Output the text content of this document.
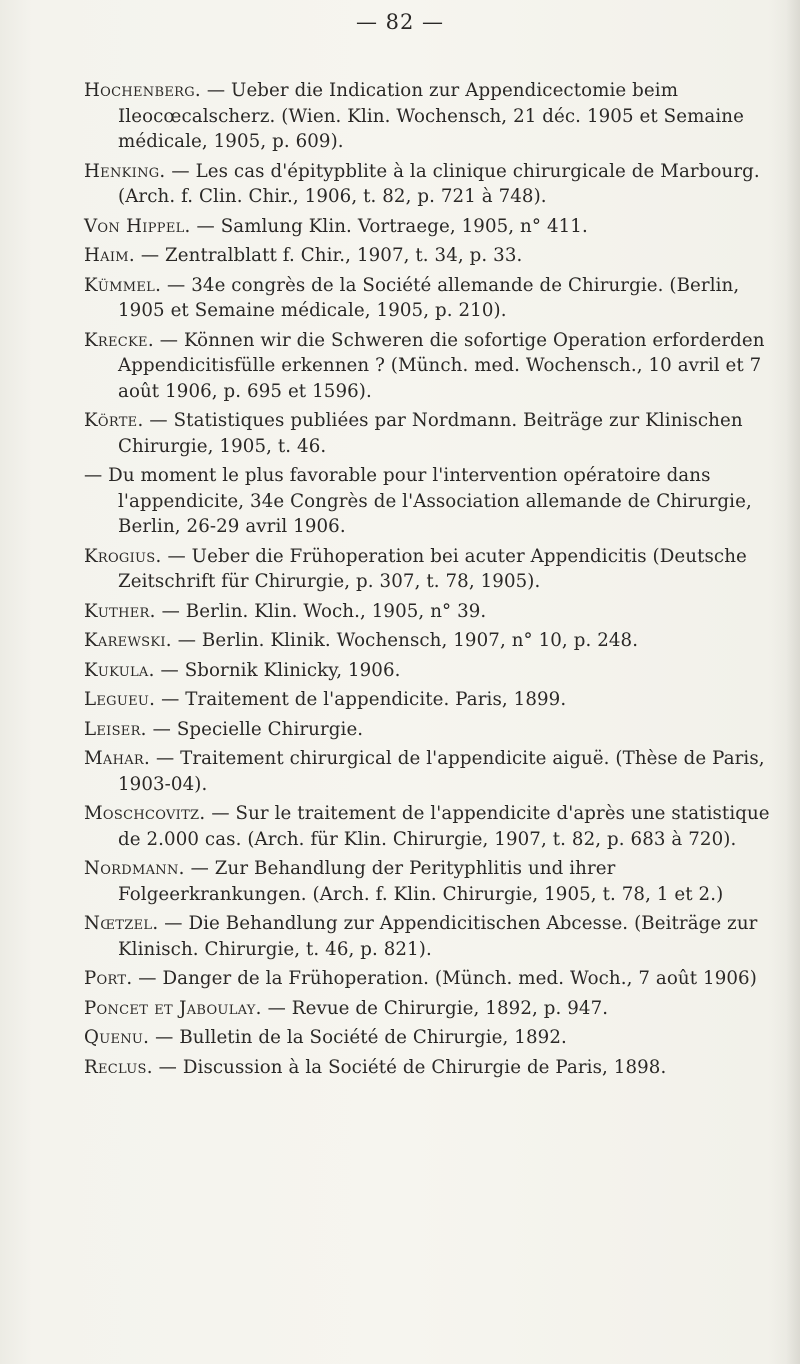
— 82 —

Hochenberg. — Ueber die Indication zur Appendicectomie beim Ileocœcalscherz. (Wien. Klin. Wochensch, 21 déc. 1905 et Semaine médicale, 1905, p. 609).

Henking. — Les cas d'épitypblite à la clinique chirurgicale de Marbourg. (Arch. f. Clin. Chir., 1906, t. 82, p. 721 à 748).

Von Hippel. — Samlung Klin. Vortraege, 1905, n° 411.

Haim. — Zentralblatt f. Chir., 1907, t. 34, p. 33.

Kümmel. — 34e congrès de la Société allemande de Chirurgie. (Berlin, 1905 et Semaine médicale, 1905, p. 210).

Krecke. — Können wir die Schweren die sofortige Operation erforderden Appendicitisfülle erkennen ? (Münch. med. Wochensch., 10 avril et 7 août 1906, p. 695 et 1596).

Körte. — Statistiques publiées par Nordmann. Beiträge zur Klinischen Chirurgie, 1905, t. 46.

— Du moment le plus favorable pour l'intervention opératoire dans l'appendicite, 34e Congrès de l'Association allemande de Chirurgie, Berlin, 26-29 avril 1906.

Krogius. — Ueber die Frühoperation bei acuter Appendicitis (Deutsche Zeitschrift für Chirurgie, p. 307, t. 78, 1905).

Kuther. — Berlin. Klin. Woch., 1905, n° 39.

Karewski. — Berlin. Klinik. Wochensch, 1907, n° 10, p. 248.

Kukula. — Sbornik Klinicky, 1906.

Legueu. — Traitement de l'appendicite. Paris, 1899.

Leiser. — Specielle Chirurgie.

Mahar. — Traitement chirurgical de l'appendicite aiguë. (Thèse de Paris, 1903-04).

Moschcovitz. — Sur le traitement de l'appendicite d'après une statistique de 2.000 cas. (Arch. für Klin. Chirurgie, 1907, t. 82, p. 683 à 720).

Nordmann. — Zur Behandlung der Perityphlitis und ihrer Folgeerkrankungen. (Arch. f. Klin. Chirurgie, 1905, t. 78, 1 et 2.)

Nœtzel. — Die Behandlung zur Appendicitischen Abcesse. (Beiträge zur Klinisch. Chirurgie, t. 46, p. 821).

Port. — Danger de la Frühoperation. (Münch. med. Woch., 7 août 1906)

Poncet et Jaboulay. — Revue de Chirurgie, 1892, p. 947.

Quenu. — Bulletin de la Société de Chirurgie, 1892.

Reclus. — Discussion à la Société de Chirurgie de Paris, 1898.
